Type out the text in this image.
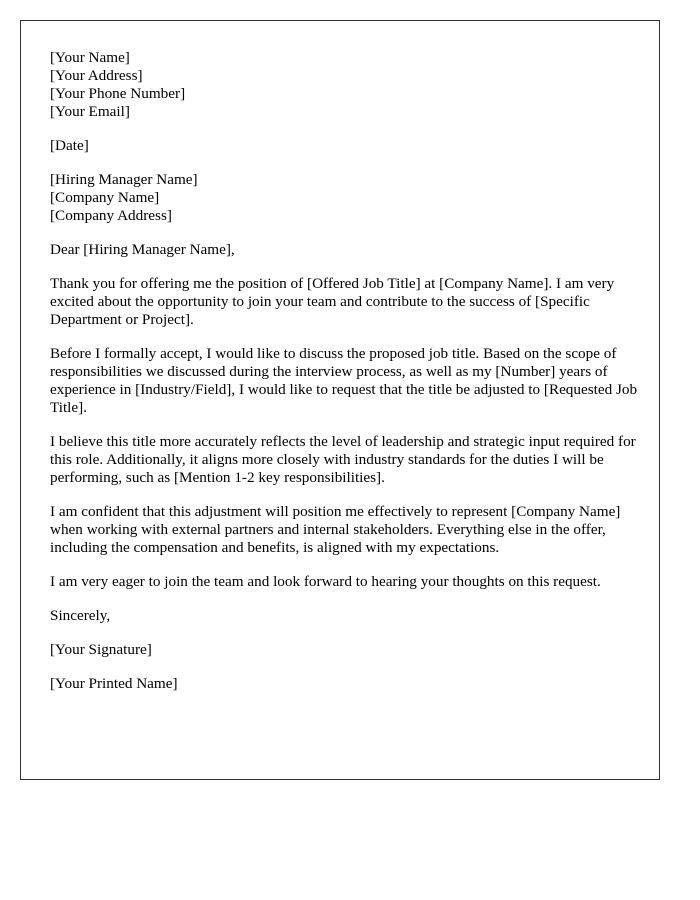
[Your Name]
[Your Address]
[Your Phone Number]
[Your Email]
[Date]
[Hiring Manager Name]
[Company Name]
[Company Address]
Dear [Hiring Manager Name],

Thank you for offering me the position of [Offered Job Title] at [Company Name]. I am very excited about the opportunity to join your team and contribute to the success of [Specific Department or Project].

Before I formally accept, I would like to discuss the proposed job title. Based on the scope of responsibilities we discussed during the interview process, as well as my [Number] years of experience in [Industry/Field], I would like to request that the title be adjusted to [Requested Job Title].

I believe this title more accurately reflects the level of leadership and strategic input required for this role. Additionally, it aligns more closely with industry standards for the duties I will be performing, such as [Mention 1-2 key responsibilities].

I am confident that this adjustment will position me effectively to represent [Company Name] when working with external partners and internal stakeholders. Everything else in the offer, including the compensation and benefits, is aligned with my expectations.

I am very eager to join the team and look forward to hearing your thoughts on this request.

Sincerely,
[Your Signature]
[Your Printed Name]
